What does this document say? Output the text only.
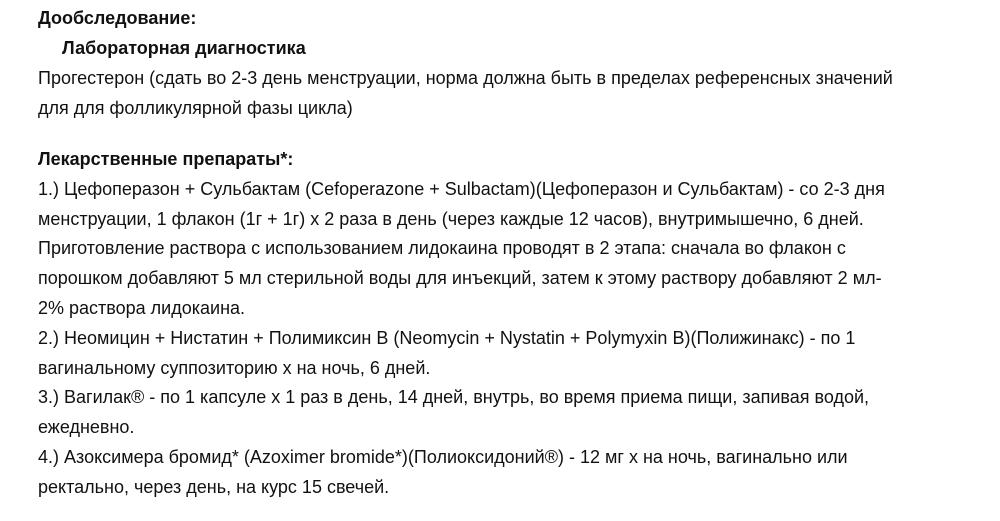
Дообследование:
Лабораторная диагностика
Прогестерон (сдать во 2-3 день менструации, норма должна быть в пределах референсных значений
для для фолликулярной фазы цикла)
Лекарственные препараты*:
1.) Цефоперазон + Сульбактам (Cefoperazone + Sulbactam)(Цефоперазон и Сульбактам) - со 2-3 дня
менструации, 1 флакон (1г + 1г) x 2 раза в день (через каждые 12 часов), внутримышечно, 6 дней.
Приготовление раствора с использованием лидокаина проводят в 2 этапа: сначала во флакон с
порошком добавляют 5 мл стерильной воды для инъекций, затем к этому раствору добавляют 2 мл-
2% раствора лидокаина.
2.) Неомицин + Нистатин + Полимиксин B (Neomycin + Nystatin + Polymyxin B)(Полижинакс) - по 1
вагинальному суппозиторию x на ночь, 6 дней.
3.) Вагилак® - по 1 капсуле x 1 раз в день, 14 дней, внутрь, во время приема пищи, запивая водой,
ежедневно.
4.) Азоксимера бромид* (Azoximer bromide*)(Полиоксидоний®) - 12 мг x на ночь, вагинально или
ректально, через день, на курс 15 свечей.
